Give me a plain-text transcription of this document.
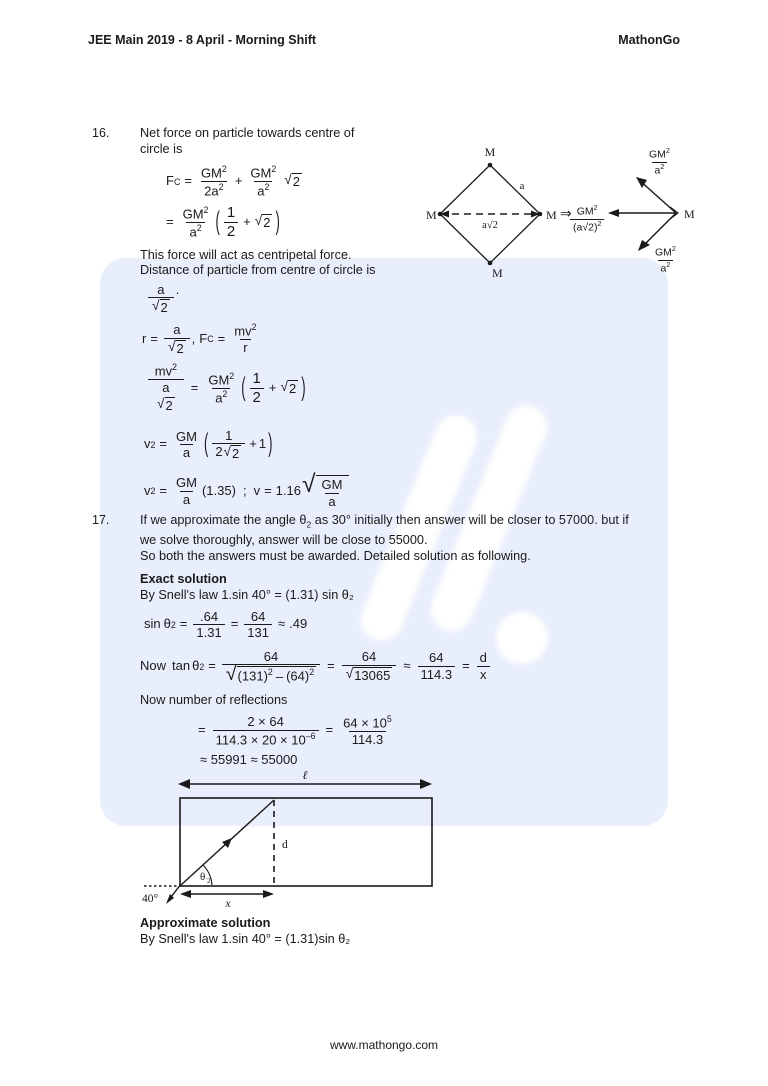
JEE Main 2019 - 8 April - Morning Shift	MathonGo
16.	Net force on particle towards centre of
circle is
F $C = \frac{GM^2}{2a^2} + \frac{GM^2}{a^2}$ √ 2
= $\frac{GM^2}{a^2}$ ( $\frac{1}{2}$ + √ 2 )
This force will act as centripetal force.
Distance of particle from centre of circle is
$\frac{a}{√ 2}$ .
$r = \frac{a}{√ 2}$ , F $C = \frac{mv^2}{r}$
$mv^2$
a
√ $2 = \frac{GM^2}{a^2}$ ( $\frac{1}{2}$ + √ 2 )
v $2 = \frac{GM}{a}$ ( $\frac{1}{2 √ 2} + 1$ )
v $2 = \frac{GM}{a} (1.35)$ ; v = 1.16 √ $\frac{GM}{a}$
M
M	M
M
a
a√2
⇒	M
$\frac{GM^2}{a^2}$
$\frac{GM^2}{(a√2)^2}$
$\frac{GM^2}{a^2}$
17.	If we approximate the angle $\theta_2$ as 30° initially then answer will be closer to 57000. but if
we solve thoroughly, answer will be close to 55000.
So both the answers must be awarded. Detailed solution as following.
Exact solution
By Snell's law 1.sin 40° = (1.31) sin θ₂
sin θ $2 = \frac{.64}{1.31} = \frac{64}{131} \approx .49$
Now tan θ $2 = \frac{64}{√ (131)^2 - (64)^2} = \frac{64}{√ 13065} \approx \frac{64}{114.3} = \frac{d}{x}$
Now number of reflections
= $\frac{2 \times 64}{114.3 \times 20 \times 10^{-6}} = \frac{64 \times 10^5}{114.3}$
≈ 55991 ≈ 55000
ℓ
d
θ 2
40°	x
Approximate solution
By Snell's law 1.sin 40° = (1.31)sin θ₂
www.mathongo.com
